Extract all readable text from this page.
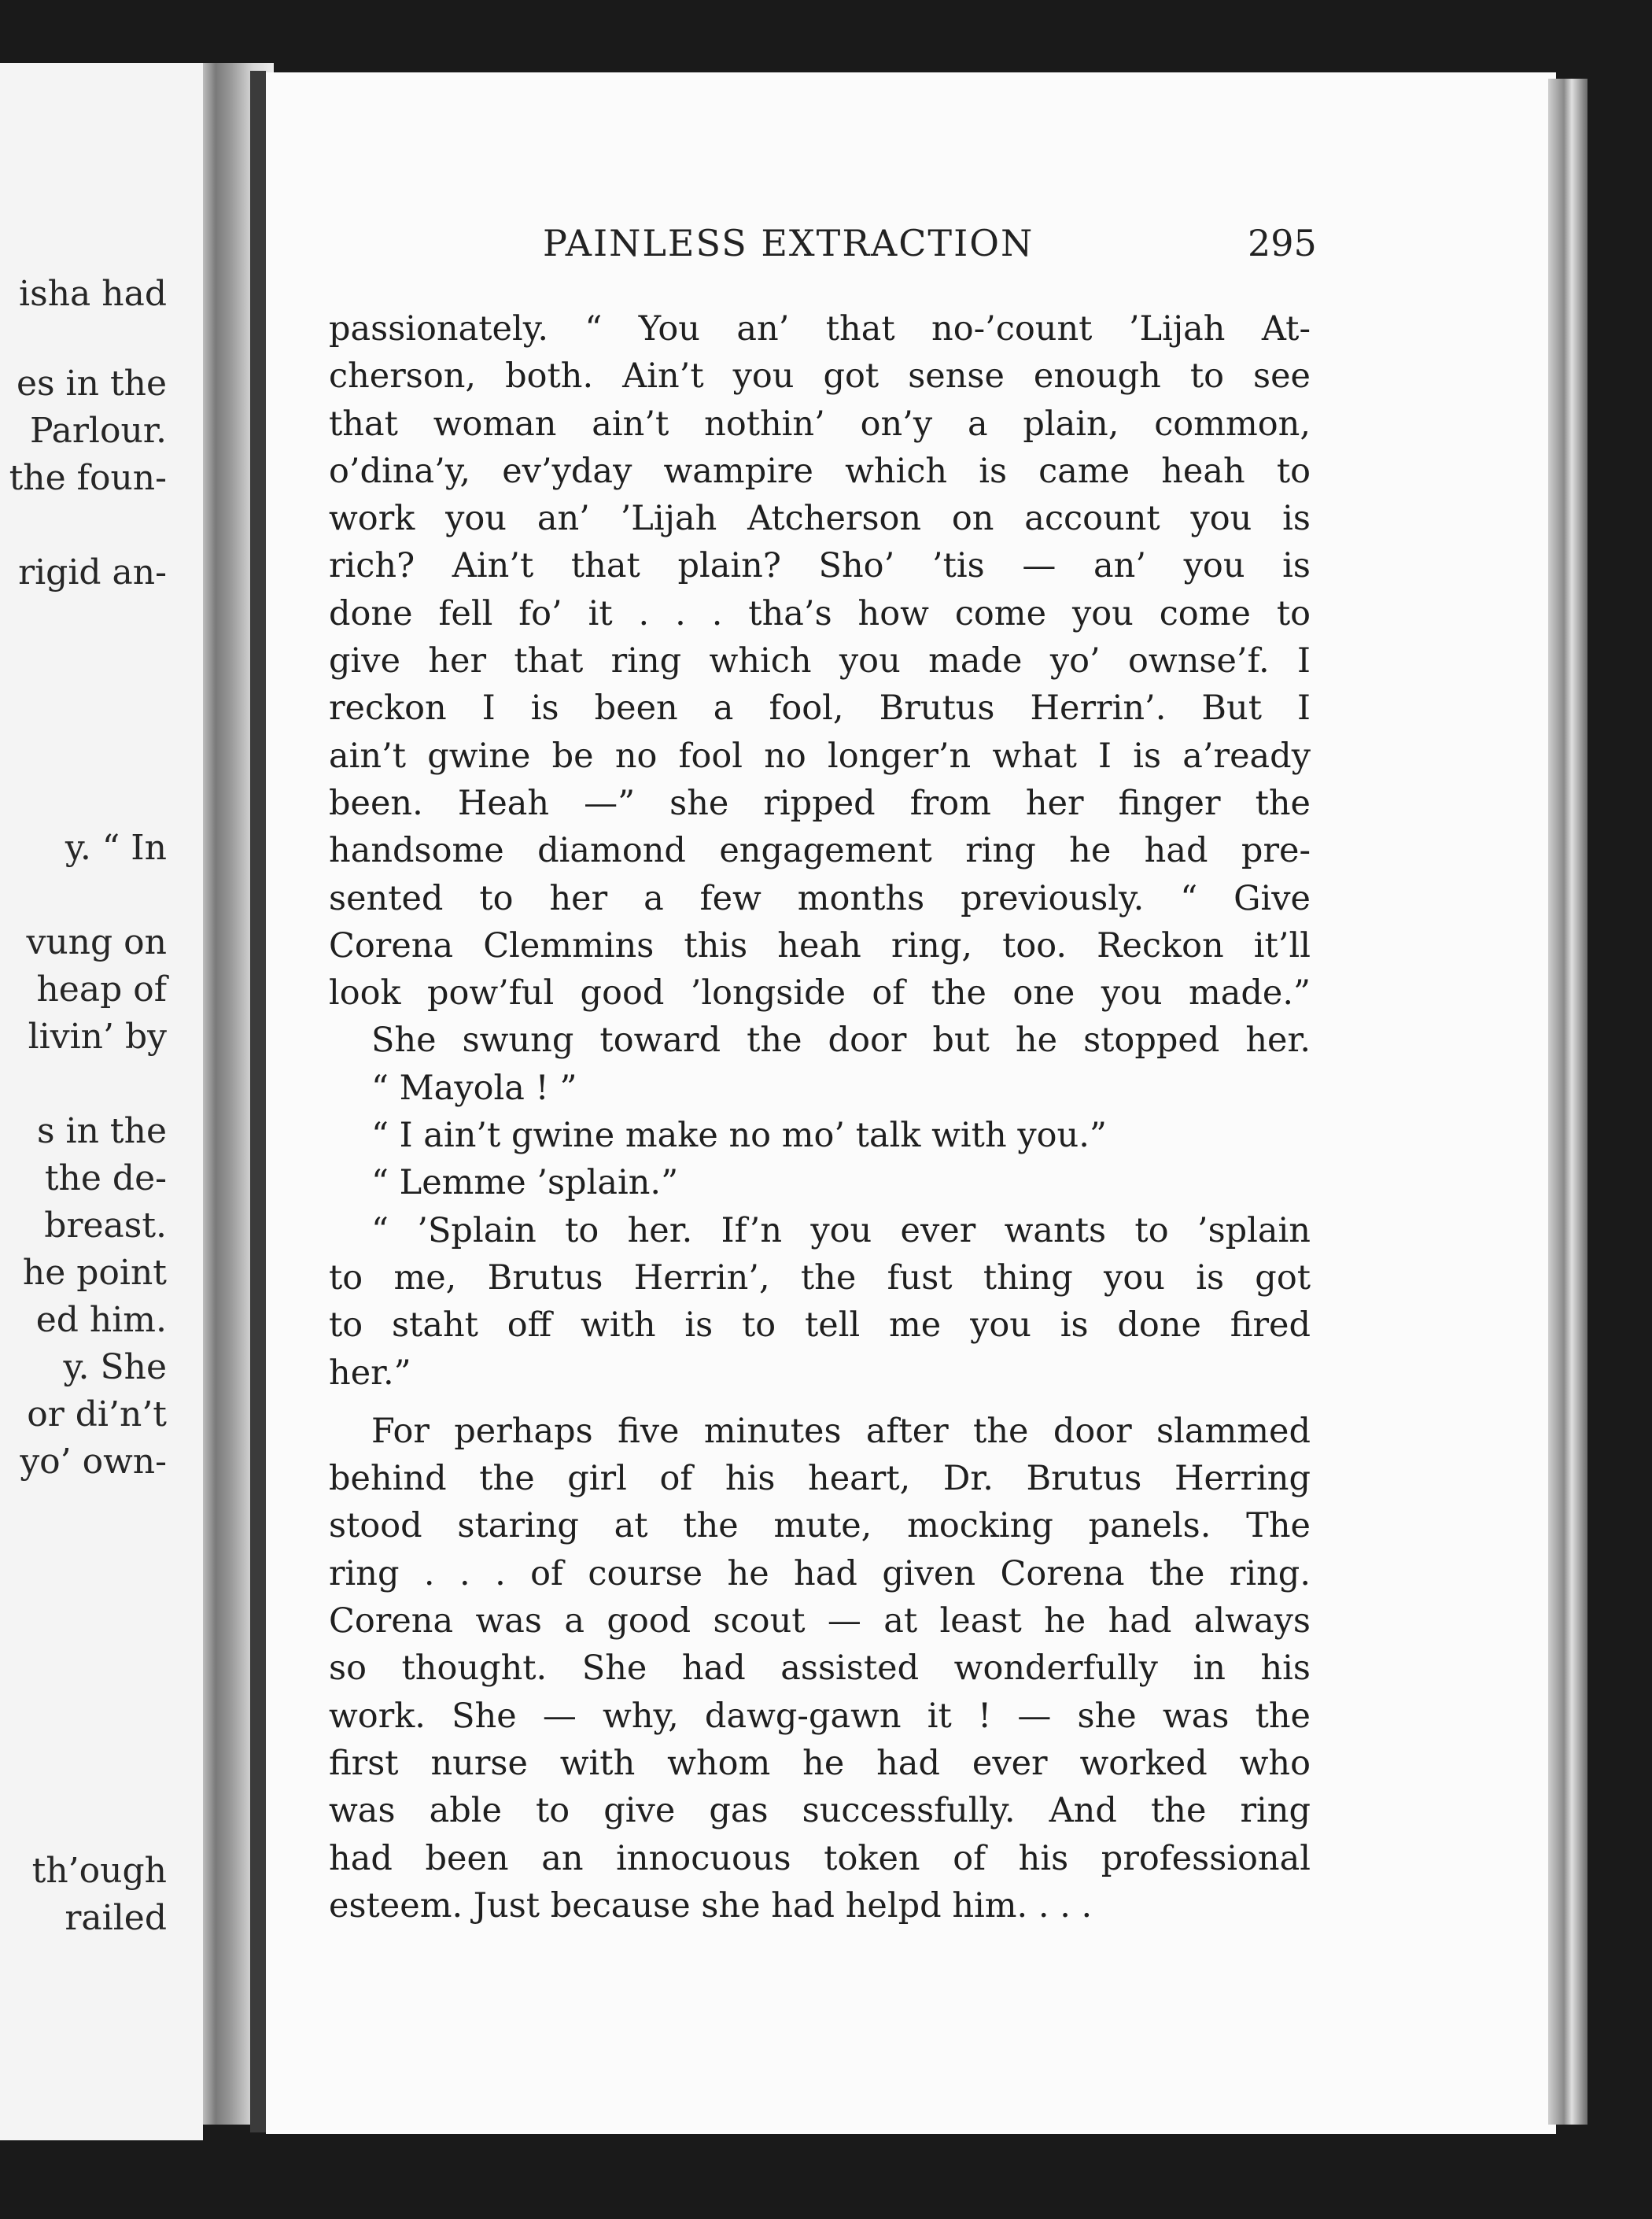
isha had
es in the
Parlour.
the foun-
rigid an-
y. “ In
vung on
heap of
livin’ by
s in the
the de-
breast.
he point
ed him.
y. She
or di’n’t
yo’ own-
th’ough
railed
PAINLESS EXTRACTION	295
passionately. “ You an’ that no-’count ’Lijah At-
cherson, both. Ain’t you got sense enough to see
that woman ain’t nothin’ on’y a plain, common,
o’dina’y, ev’yday wampire which is came heah to
work you an’ ’Lijah Atcherson on account you is
rich? Ain’t that plain? Sho’ ’tis — an’ you is
done fell fo’ it . . . tha’s how come you come to
give her that ring which you made yo’ ownse’f. I
reckon I is been a fool, Brutus Herrin’. But I
ain’t gwine be no fool no longer’n what I is a’ready
been. Heah —” she ripped from her finger the
handsome diamond engagement ring he had pre-
sented to her a few months previously. “ Give
Corena Clemmins this heah ring, too. Reckon it’ll
look pow’ful good ’longside of the one you made.”
She swung toward the door but he stopped her.
“ Mayola ! ”
“ I ain’t gwine make no mo’ talk with you.”
“ Lemme ’splain.”
“ ’Splain to her. If’n you ever wants to ’splain
to me, Brutus Herrin’, the fust thing you is got
to staht off with is to tell me you is done fired
her.”
For perhaps five minutes after the door slammed
behind the girl of his heart, Dr. Brutus Herring
stood staring at the mute, mocking panels. The
ring . . . of course he had given Corena the ring.
Corena was a good scout — at least he had always
so thought. She had assisted wonderfully in his
work. She — why, dawg-gawn it ! — she was the
first nurse with whom he had ever worked who
was able to give gas successfully. And the ring
had been an innocuous token of his professional
esteem. Just because she had helpd him. . . .
